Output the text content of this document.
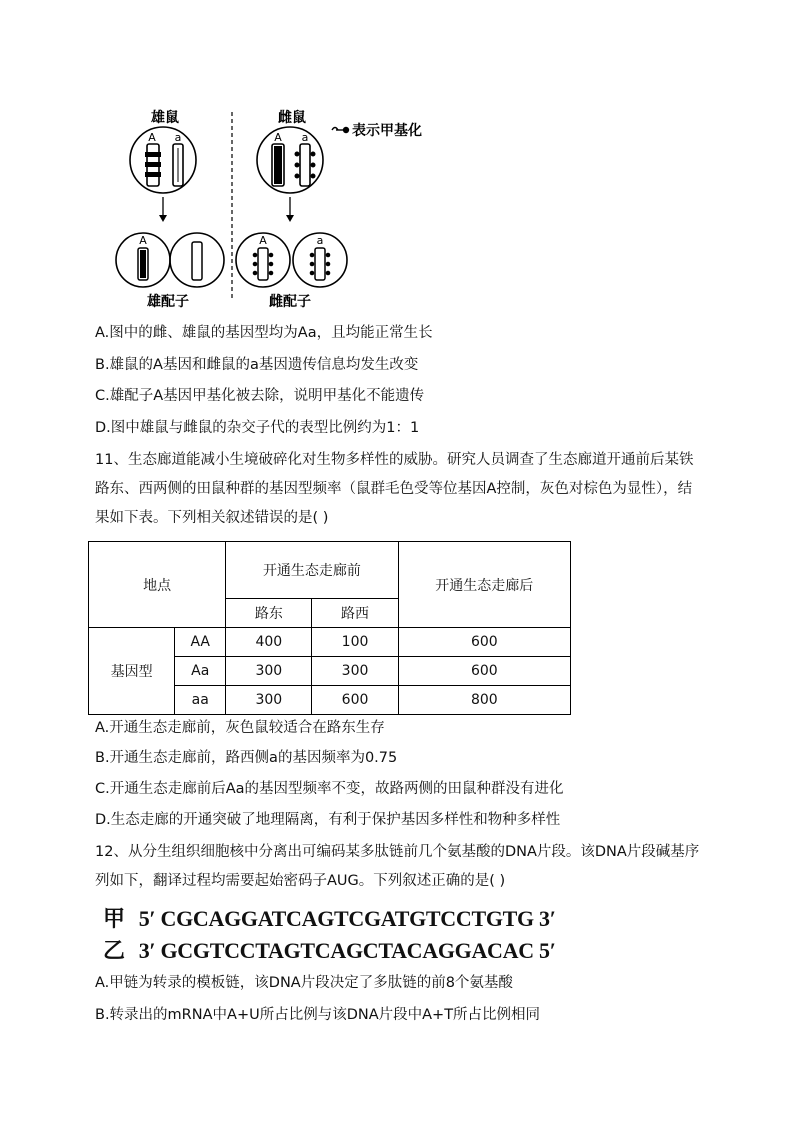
雄鼠
A a
A
雄配子
雌鼠
A a
A	a
雌配子
表示甲基化
A.图中的雌、雄鼠的基因型均为Aa，且均能正常生长
B.雄鼠的A基因和雌鼠的a基因遗传信息均发生改变
C.雄配子A基因甲基化被去除，说明甲基化不能遗传
D.图中雄鼠与雌鼠的杂交子代的表型比例约为1：1
11、生态廊道能减小生境破碎化对生物多样性的威胁。研究人员调查了生态廊道开通前后某铁路东、西两侧的田鼠种群的基因型频率（鼠群毛色受等位基因A控制，灰色对棕色为显性），结果如下表。下列相关叙述错误的是( )
地点		开通生态走廊前		开通生态走廊后
		路东	路西	
基因型	AA	400	100	600
	Aa	300	300	600
	aa	300	600	800
A.开通生态走廊前，灰色鼠较适合在路东生存
B.开通生态走廊前，路西侧a的基因频率为0.75
C.开通生态走廊前后Aa的基因型频率不变，故路两侧的田鼠种群没有进化
D.生态走廊的开通突破了地理隔离，有利于保护基因多样性和物种多样性
12、从分生组织细胞核中分离出可编码某多肽链前几个氨基酸的DNA片段。该DNA片段碱基序列如下，翻译过程均需要起始密码子AUG。下列叙述正确的是( )
甲 5′ CGCAGGATCAGTCGATGTCCTGTG 3′
乙 3′ GCGTCCTAGTCAGCTACAGGACAC 5′
A.甲链为转录的模板链，该DNA片段决定了多肽链的前8个氨基酸
B.转录出的mRNA中A+U所占比例与该DNA片段中A+T所占比例相同
